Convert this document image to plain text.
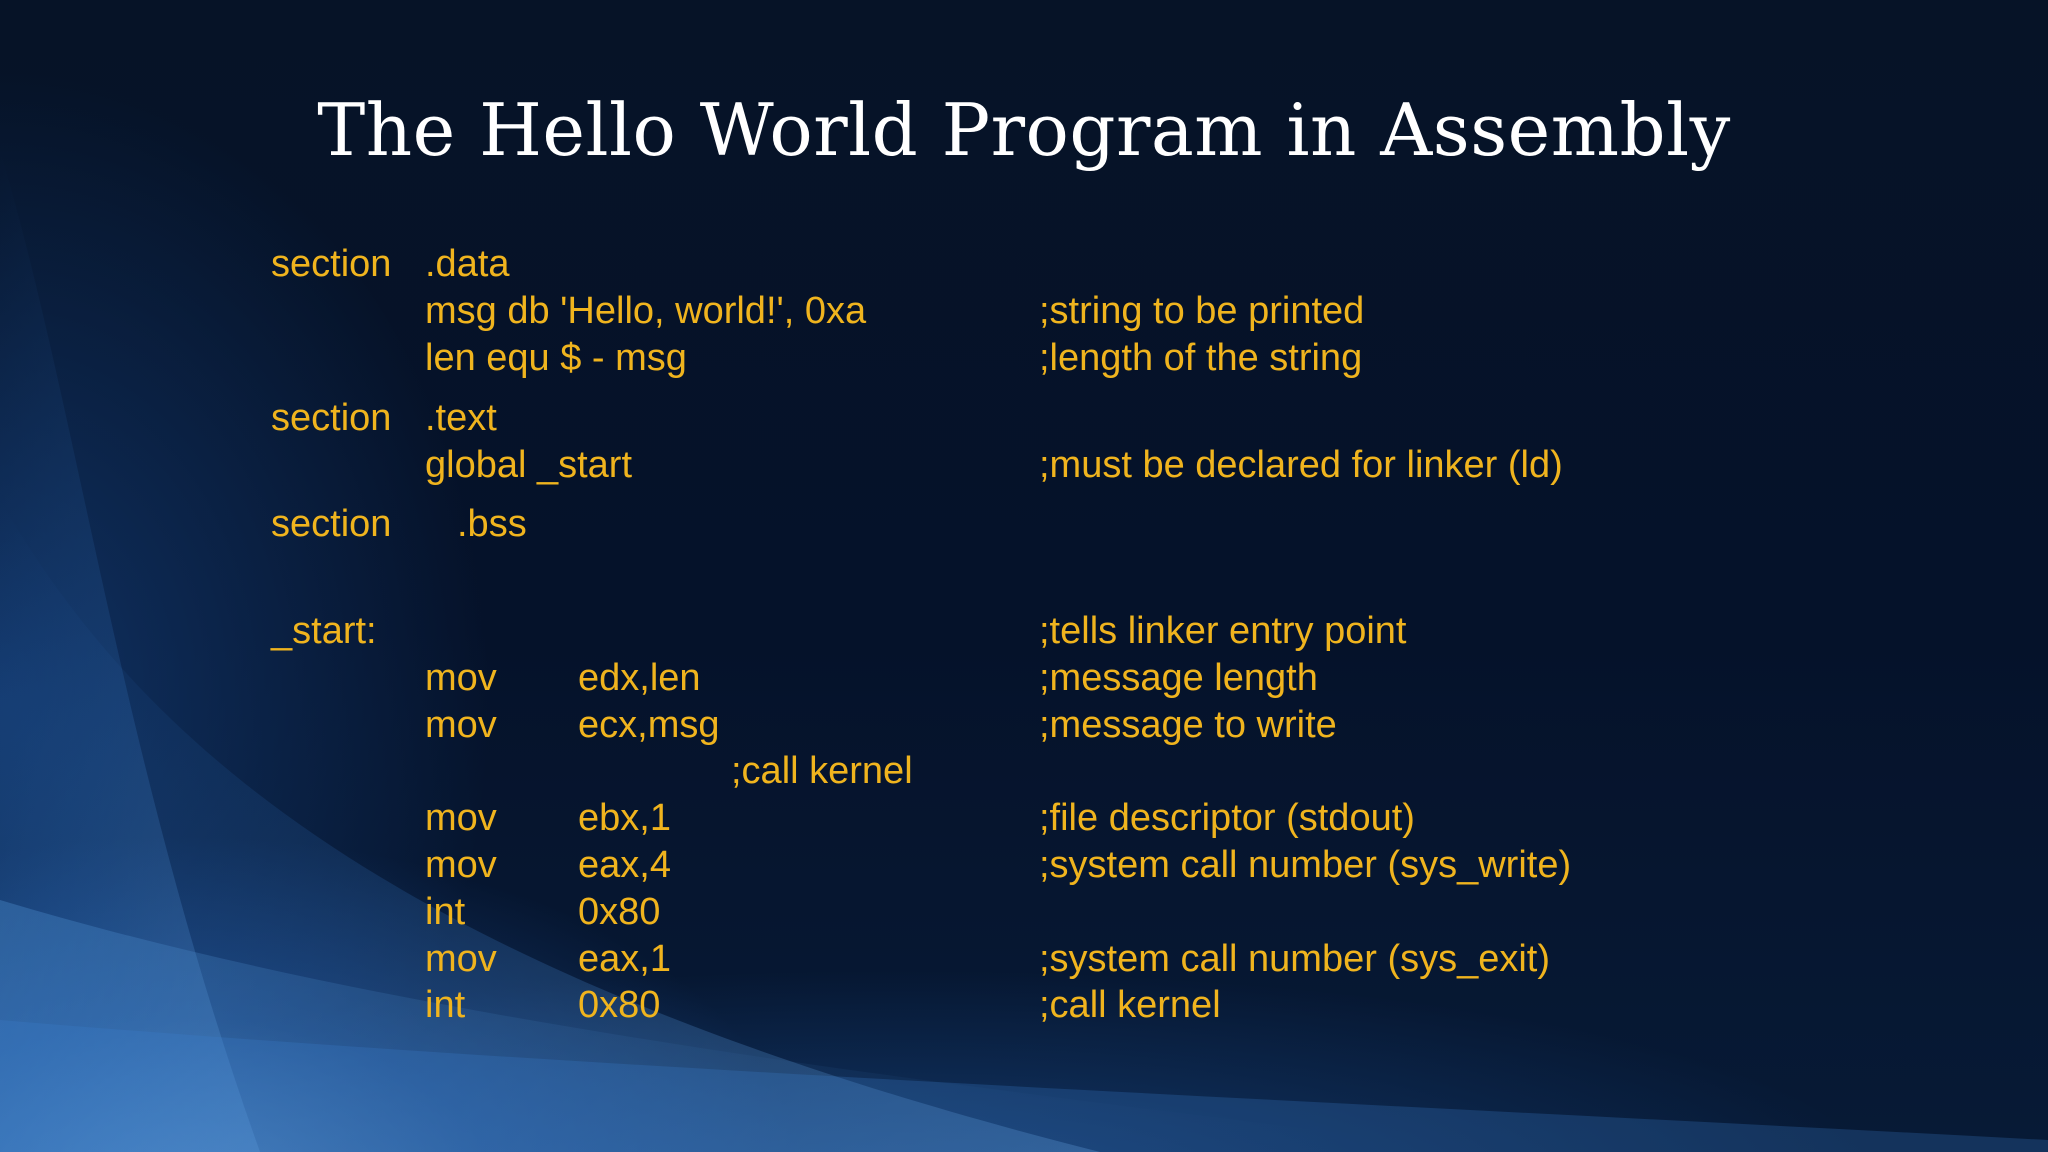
The Hello World Program in Assembly
section .data
msg db 'Hello, world!', 0xa	;string to be printed
len equ $ - msg	;length of the string
section .text
global _start	;must be declared for linker (ld)
section .bss
_start:	;tells linker entry point
mov edx,len	;message length
mov ecx,msg	;message to write
;call kernel
mov ebx,1	;file descriptor (stdout)
mov eax,4	;system call number (sys_write)
int	0x80
mov eax,1	;system call number (sys_exit)
int	0x80	;call kernel
